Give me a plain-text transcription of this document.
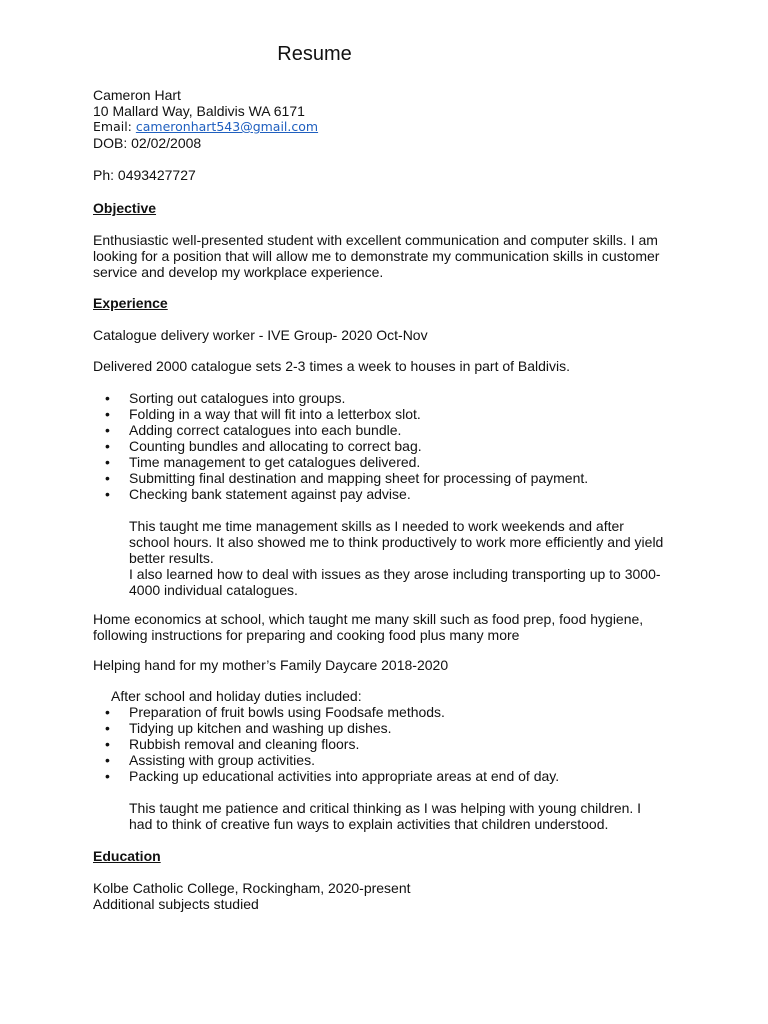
Resume
Cameron Hart
10 Mallard Way, Baldivis WA 6171
Email: cameronhart543@gmail.com
DOB: 02/02/2008
Ph: 0493427727
Objective
Enthusiastic well-presented student with excellent communication and computer skills. I am
looking for a position that will allow me to demonstrate my communication skills in customer
service and develop my workplace experience.
Experience
Catalogue delivery worker - IVE Group- 2020 Oct-Nov
Delivered 2000 catalogue sets 2-3 times a week to houses in part of Baldivis.
• Sorting out catalogues into groups.
• Folding in a way that will fit into a letterbox slot.
• Adding correct catalogues into each bundle.
• Counting bundles and allocating to correct bag.
• Time management to get catalogues delivered.
• Submitting final destination and mapping sheet for processing of payment.
• Checking bank statement against pay advise.
This taught me time management skills as I needed to work weekends and after
school hours. It also showed me to think productively to work more efficiently and yield
better results.
I also learned how to deal with issues as they arose including transporting up to 3000-
4000 individual catalogues.
Home economics at school, which taught me many skill such as food prep, food hygiene,
following instructions for preparing and cooking food plus many more
Helping hand for my mother’s Family Daycare 2018-2020
After school and holiday duties included:
• Preparation of fruit bowls using Foodsafe methods.
• Tidying up kitchen and washing up dishes.
• Rubbish removal and cleaning floors.
• Assisting with group activities.
• Packing up educational activities into appropriate areas at end of day.
This taught me patience and critical thinking as I was helping with young children. I
had to think of creative fun ways to explain activities that children understood.
Education
Kolbe Catholic College, Rockingham, 2020-present
Additional subjects studied
